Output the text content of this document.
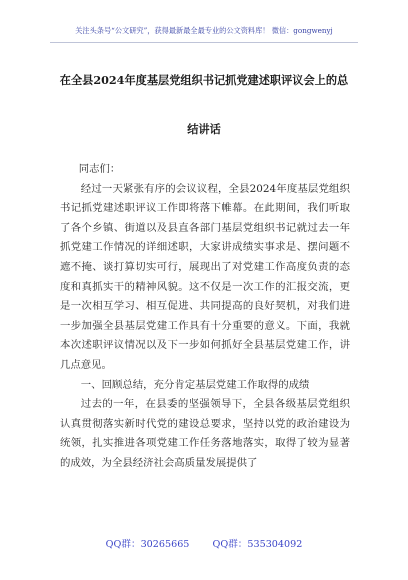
关注头条号“公文研究”，获得最新最全最专业的公文资料库！ 微信：gongwenyj
在全县2024年度基层党组织书记抓党建述职评议会上的总
结讲话

同志们：

经过一天紧张有序的会议议程，全县2024年度基层党组织书记抓党建述职评议工作即将落下帷幕。在此期间，我们听取了各个乡镇、街道以及县直各部门基层党组织书记就过去一年抓党建工作情况的详细述职，大家讲成绩实事求是、摆问题不遮不掩、谈打算切实可行，展现出了对党建工作高度负责的态度和真抓实干的精神风貌。这不仅是一次工作的汇报交流，更是一次相互学习、相互促进、共同提高的良好契机，对我们进一步加强全县基层党建工作具有十分重要的意义。下面，我就本次述职评议情况以及下一步如何抓好全县基层党建工作，讲几点意见。

一、回顾总结，充分肯定基层党建工作取得的成绩

过去的一年，在县委的坚强领导下，全县各级基层党组织认真贯彻落实新时代党的建设总要求，坚持以党的政治建设为统领，扎实推进各项党建工作任务落地落实，取得了较为显著的成效，为全县经济社会高质量发展提供了

QQ群：30265665 QQ群：535304092
